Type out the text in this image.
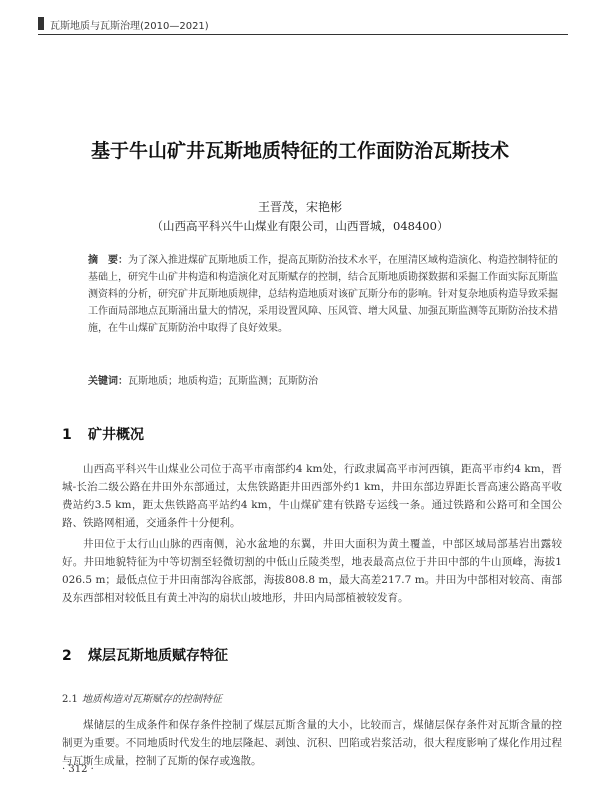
瓦斯地质与瓦斯治理(2010—2021)
基于牛山矿井瓦斯地质特征的工作面防治瓦斯技术
王晋茂，宋艳彬
（山西高平科兴牛山煤业有限公司，山西晋城，048400）
摘　要：为了深入推进煤矿瓦斯地质工作，提高瓦斯防治技术水平，在厘清区域构造演化、构造控制特征的基础上，研究牛山矿井构造和构造演化对瓦斯赋存的控制，结合瓦斯地质勘探数据和采掘工作面实际瓦斯监测资料的分析，研究矿井瓦斯地质规律，总结构造地质对该矿瓦斯分布的影响。针对复杂地质构造导致采掘工作面局部地点瓦斯涌出量大的情况，采用设置风障、压风管、增大风量、加强瓦斯监测等瓦斯防治技术措施，在牛山煤矿瓦斯防治中取得了良好效果。
关键词：瓦斯地质；地质构造；瓦斯监测；瓦斯防治
1 矿井概况
山西高平科兴牛山煤业公司位于高平市南部约4 km处，行政隶属高平市河西镇，距高平市约4 km，晋城-长治二级公路在井田外东部通过，太焦铁路距井田西部外约1 km，井田东部边界距长晋高速公路高平收费站约3.5 km，距太焦铁路高平站约4 km，牛山煤矿建有铁路专运线一条。通过铁路和公路可和全国公路、铁路网相通，交通条件十分便利。
井田位于太行山山脉的西南侧，沁水盆地的东翼，井田大面积为黄土覆盖，中部区域局部基岩出露较好。井田地貌特征为中等切割至轻微切割的中低山丘陵类型，地表最高点位于井田中部的牛山顶峰，海拔1 026.5 m；最低点位于井田南部沟谷底部，海拔808.8 m，最大高差217.7 m。井田为中部相对较高、南部及东西部相对较低且有黄土冲沟的扇状山坡地形，井田内局部植被较发育。
2 煤层瓦斯地质赋存特征
2.1 地质构造对瓦斯赋存的控制特征
煤储层的生成条件和保存条件控制了煤层瓦斯含量的大小，比较而言，煤储层保存条件对瓦斯含量的控制更为重要。不同地质时代发生的地层隆起、剥蚀、沉积、凹陷或岩浆活动，很大程度影响了煤化作用过程与瓦斯生成量，控制了瓦斯的保存或逸散。
· 312 ·
